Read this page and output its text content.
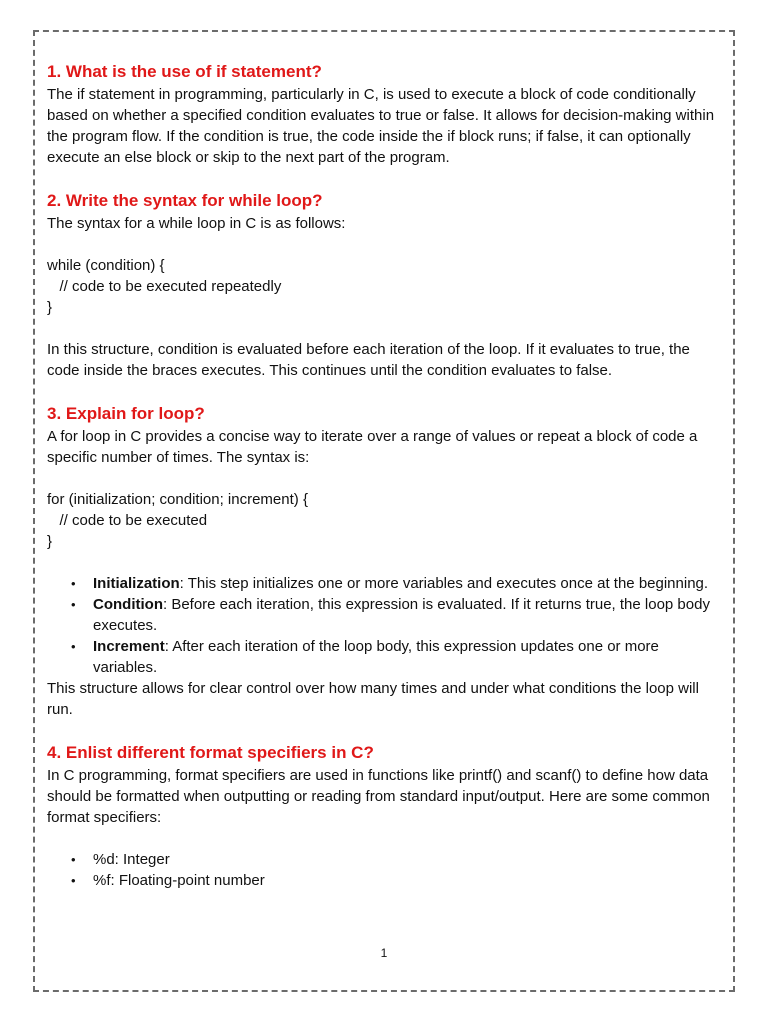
1. What is the use of if statement?

The if statement in programming, particularly in C, is used to execute a block of code conditionally based on whether a specified condition evaluates to true or false. It allows for decision-making within the program flow. If the condition is true, the code inside the if block runs; if false, it can optionally execute an else block or skip to the next part of the program.

2. Write the syntax for while loop?

The syntax for a while loop in C is as follows:

while (condition) {
// code to be executed repeatedly
}

In this structure, condition is evaluated before each iteration of the loop. If it evaluates to true, the code inside the braces executes. This continues until the condition evaluates to false.

3. Explain for loop?

A for loop in C provides a concise way to iterate over a range of values or repeat a block of code a specific number of times. The syntax is:

for (initialization; condition; increment) {
// code to be executed
}

• Initialization: This step initializes one or more variables and executes once at the beginning.
• Condition: Before each iteration, this expression is evaluated. If it returns true, the loop body executes.
• Increment: After each iteration of the loop body, this expression updates one or more variables.

This structure allows for clear control over how many times and under what conditions the loop will run.

4. Enlist different format specifiers in C?

In C programming, format specifiers are used in functions like printf() and scanf() to define how data should be formatted when outputting or reading from standard input/output. Here are some common format specifiers:

• %d: Integer
• %f: Floating-point number
1
